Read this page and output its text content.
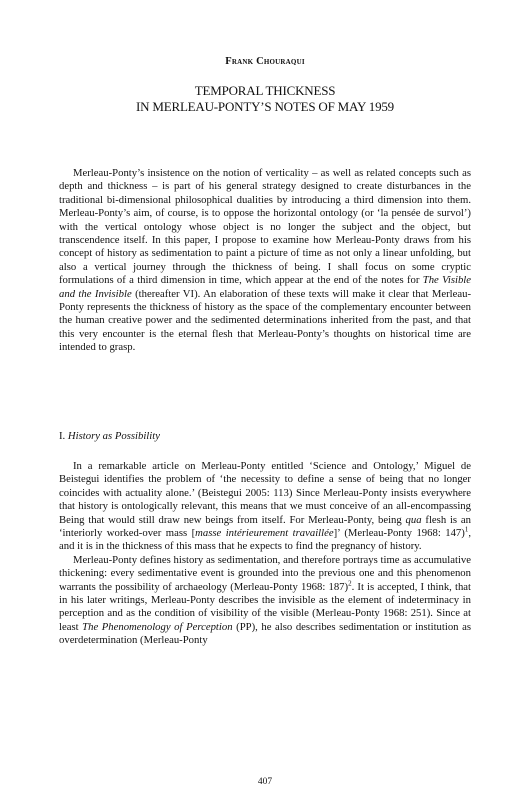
Frank Chouraqui
TEMPORAL THICKNESS
IN MERLEAU-PONTY’S NOTES OF MAY 1959

Merleau-Ponty’s insistence on the notion of verticality – as well as related concepts such as depth and thickness – is part of his general strategy designed to create disturbances in the traditional bi-dimensional philosophical dualities by introducing a third dimension into them. Merleau-Ponty’s aim, of course, is to oppose the horizontal ontology (or ‘la pensée de survol’) with the vertical ontology whose object is no longer the subject and the object, but transcendence itself. In this paper, I propose to examine how Merleau-Ponty draws from his concept of history as sedimentation to paint a picture of time as not only a linear unfolding, but also a vertical journey through the thickness of being. I shall focus on some cryptic formulations of a third dimension in time, which appear at the end of the notes for The Visible and the Invisible (thereafter VI). An elaboration of these texts will make it clear that Merleau-Ponty represents the thickness of history as the space of the complementary encounter between the human creative power and the sedimented determinations inherited from the past, and that this very encounter is the eternal flesh that Merleau-Ponty’s thoughts on historical time are intended to grasp.

I. History as Possibility

In a remarkable article on Merleau-Ponty entitled ‘Science and Ontology,’ Miguel de Beistegui identifies the problem of ‘the necessity to define a sense of being that no longer coincides with actuality alone.’ (Beistegui 2005: 113) Since Merleau-Ponty insists everywhere that history is ontologically relevant, this means that we must conceive of an all-encompassing Being that would still draw new beings from itself. For Merleau-Ponty, being qua flesh is an ‘interiorly worked-over mass [masse intérieurement travaillée]’ (Merleau-Ponty 1968: 147)$^1$, and it is in the thickness of this mass that he expects to find the pregnancy of history.

Merleau-Ponty defines history as sedimentation, and therefore portrays time as accumulative thickening: every sedimentative event is grounded into the previous one and this phenomenon warrants the possibility of archaeology (Merleau-Ponty 1968: 187)$^2$. It is accepted, I think, that in his later writings, Merleau-Ponty describes the invisible as the element of indeterminacy in perception and as the condition of visibility of the visible (Merleau-Ponty 1968: 251). Since at least The Phenomenology of Perception (PP), he also describes sedimentation or institution as overdetermination (Merleau-Ponty

407
